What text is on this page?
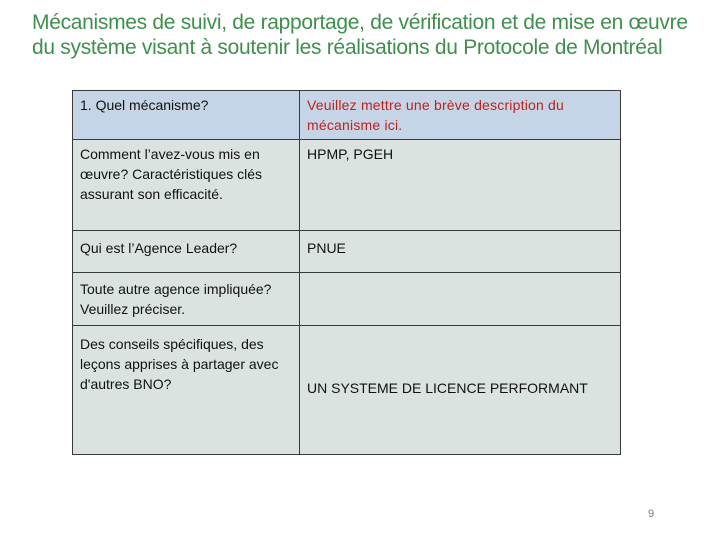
Mécanismes de suivi, de rapportage, de vérification et de mise en œuvre du système visant à soutenir les réalisations du Protocole de Montréal
1. Quel mécanisme?	Veuillez mettre une brève description du mécanisme ici.
Comment l’avez-vous mis en œuvre? Caractéristiques clés assurant son efficacité.	HPMP, PGEH
Qui est l’Agence Leader?	PNUE
Toute autre agence impliquée? Veuillez préciser.	
Des conseils spécifiques, des leçons apprises à partager avec d'autres BNO?	UN SYSTEME DE LICENCE PERFORMANT
9
